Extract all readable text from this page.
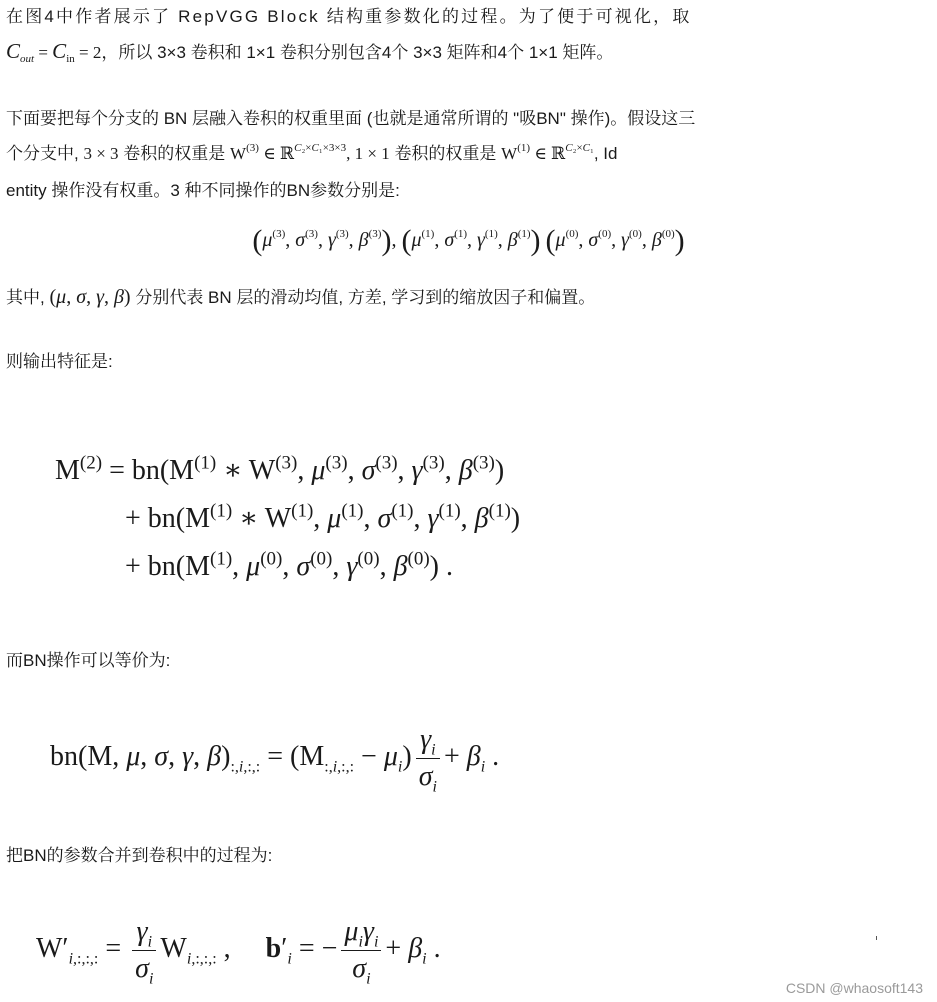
在图4中作者展示了 RepVGG Block 结构重参数化的过程。为了便于可视化，取
$C_{out} = C_{in} = 2$，所以 3×3 卷积和 1×1 卷积分别包含4个 3×3 矩阵和4个 1×1 矩阵。
下面要把每个分支的 BN 层融入卷积的权重里面 (也就是通常所谓的 "吸BN" 操作)。假设这三
个分支中, 3 × 3 卷积的权重是 $W^{(3)}$ ∈ ℝ$^{C_2\times C_1\times 3\times 3}$, 1 × 1 卷积的权重是 $W^{(1)}$ ∈ ℝ$^{C_2\times C_1}$, Id
entity 操作没有权重。3 种不同操作的BN参数分别是:
($\mu^{(3)}$, $\sigma^{(3)}$, $\gamma^{(3)}$, $\beta^{(3)}$), ($\mu^{(1)}$, $\sigma^{(1)}$, $\gamma^{(1)}$, $\beta^{(1)}$) ($\mu^{(0)}$, $\sigma^{(0)}$, $\gamma^{(0)}$, $\beta^{(0)}$)
其中, (μ, σ, γ, β) 分别代表 BN 层的滑动均值, 方差, 学习到的缩放因子和偏置。
则输出特征是:
$M^{(2)} = bn(M^{(1)}$ ∗ $W^{(3)}$, $\mu^{(3)}$, $\sigma^{(3)}$, $\gamma^{(3)}$, $\beta^{(3)}$)
+ $bn(M^{(1)}$ ∗ $W^{(1)}$, $\mu^{(1)}$, $\sigma^{(1)}$, $\gamma^{(1)}$, $\beta^{(1)}$)
+ $bn(M^{(1)}$, $\mu^{(0)}$, $\sigma^{(0)}$, $\gamma^{(0)}$, $\beta^{(0)}$) .
而BN操作可以等价为:
bn(M, μ, σ, γ, $\beta)_{:,i,:,:} = (M_{:,i,:,:} - \mu_i) \frac{\gamma_i}{\sigma_i} + \beta_i$ .
把BN的参数合并到卷积中的过程为:
$W'_{i,:,:,:} = \frac{\gamma_i}{\sigma_i} W_{i,:,:,:}$ ,     $b'_i$ = − $\frac{\mu_i\gamma_i}{\sigma_i} + \beta_i$ .
CSDN @whaosoft143
